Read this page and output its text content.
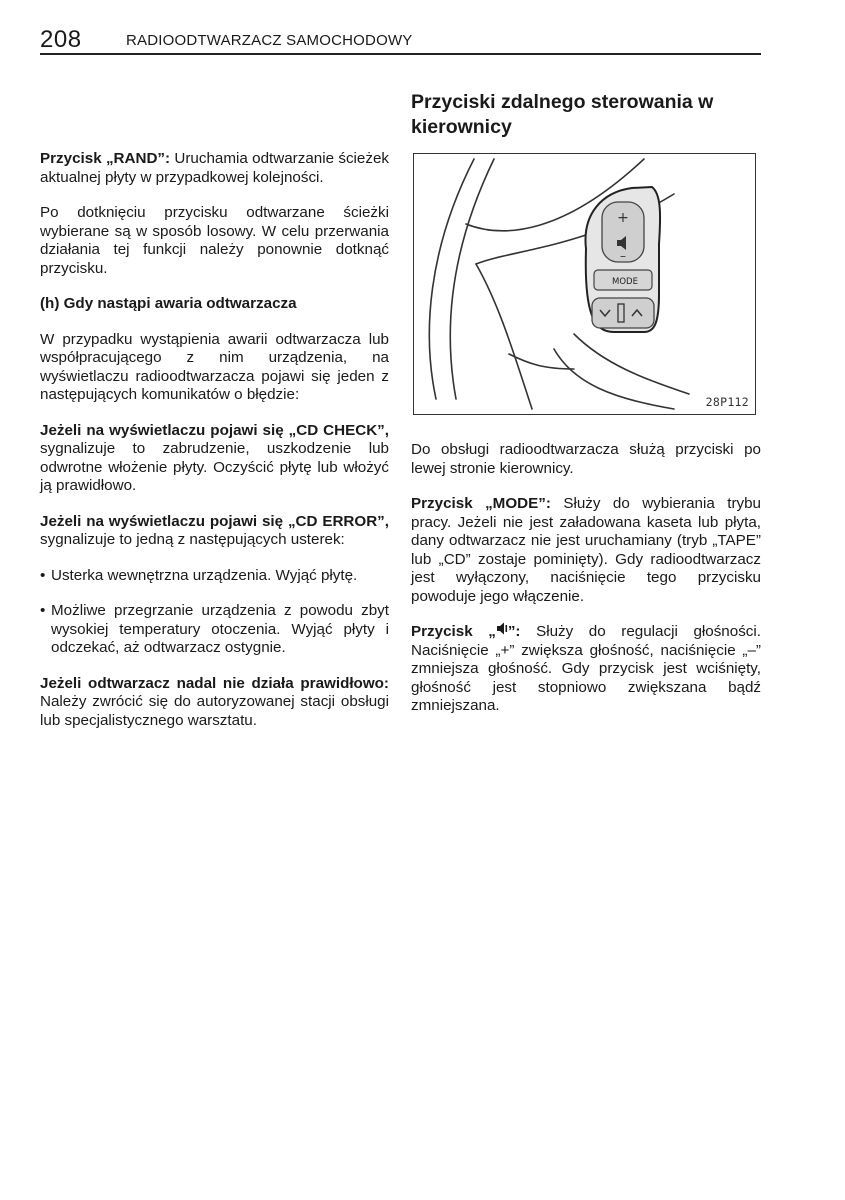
208	RADIOODTWARZACZ SAMOCHODOWY

Przycisk „RAND”: Uruchamia odtwarzanie ścieżek aktualnej płyty w przypadkowej kolejności.

Po dotknięciu przycisku odtwarzane ścieżki wybierane są w sposób losowy. W celu przerwania działania tej funkcji należy ponownie dotknąć przycisku.

(h) Gdy nastąpi awaria odtwarzacza

W przypadku wystąpienia awarii odtwarzacza lub współpracującego z nim urządzenia, na wyświetlaczu radioodtwarzacza pojawi się jeden z następujących komunikatów o błędzie:

Jeżeli na wyświetlaczu pojawi się „CD CHECK”, sygnalizuje to zabrudzenie, uszkodzenie lub odwrotne włożenie płyty. Oczyścić płytę lub włożyć ją prawidłowo.

Jeżeli na wyświetlaczu pojawi się „CD ERROR”, sygnalizuje to jedną z następujących usterek:

• Usterka wewnętrzna urządzenia. Wyjąć płytę.
• Możliwe przegrzanie urządzenia z powodu zbyt wysokiej temperatury otoczenia. Wyjąć płyty i odczekać, aż odtwarzacz ostygnie.

Jeżeli odtwarzacz nadal nie działa prawidłowo: Należy zwrócić się do autoryzowanej stacji obsługi lub specjalistycznego warsztatu.

Przyciski zdalnego sterowania w kierownicy
+
–
MODE
28P112

Do obsługi radioodtwarzacza służą przyciski po lewej stronie kierownicy.

Przycisk „MODE”: Służy do wybierania trybu pracy. Jeżeli nie jest załadowana kaseta lub płyta, dany odtwarzacz nie jest uruchamiany (tryb „TAPE” lub „CD” zostaje pominięty). Gdy radioodtwarzacz jest wyłączony, naciśnięcie tego przycisku powoduje jego włączenie.

Przycisk „ ”: Służy do regulacji głośności. Naciśnięcie „+” zwiększa głośność, naciśnięcie „–” zmniejsza głośność. Gdy przycisk jest wciśnięty, głośność jest stopniowo zwiększana bądź zmniejszana.
